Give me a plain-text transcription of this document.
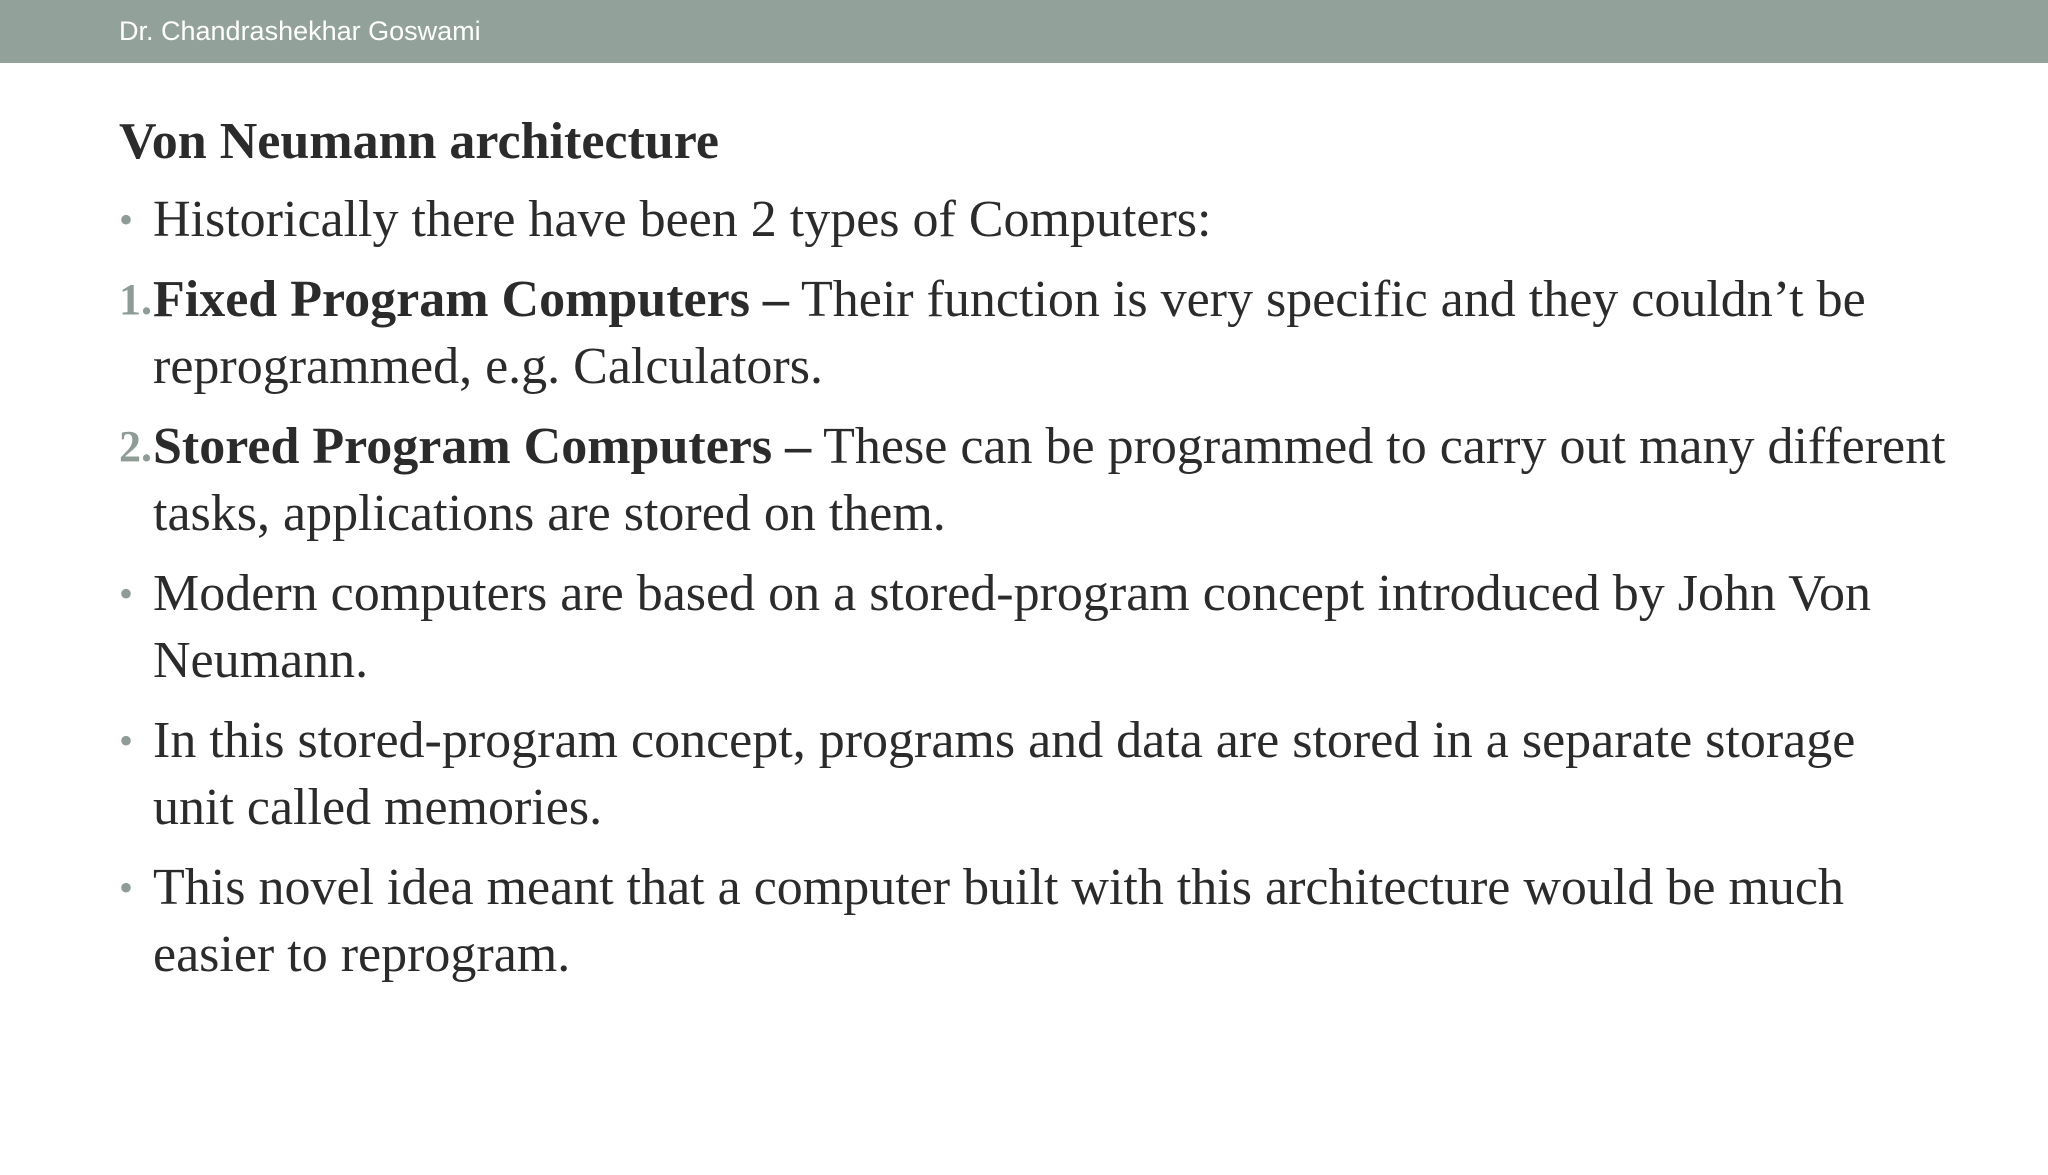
Dr. Chandrashekhar Goswami
Von Neumann architecture
• Historically there have been 2 types of Computers:
1. Fixed Program Computers – Their function is very specific and they couldn’t be reprogrammed, e.g. Calculators.
2. Stored Program Computers – These can be programmed to carry out many different tasks, applications are stored on them.
• Modern computers are based on a stored-program concept introduced by John Von Neumann.
• In this stored-program concept, programs and data are stored in a separate storage unit called memories.
• This novel idea meant that a computer built with this architecture would be much easier to reprogram.
